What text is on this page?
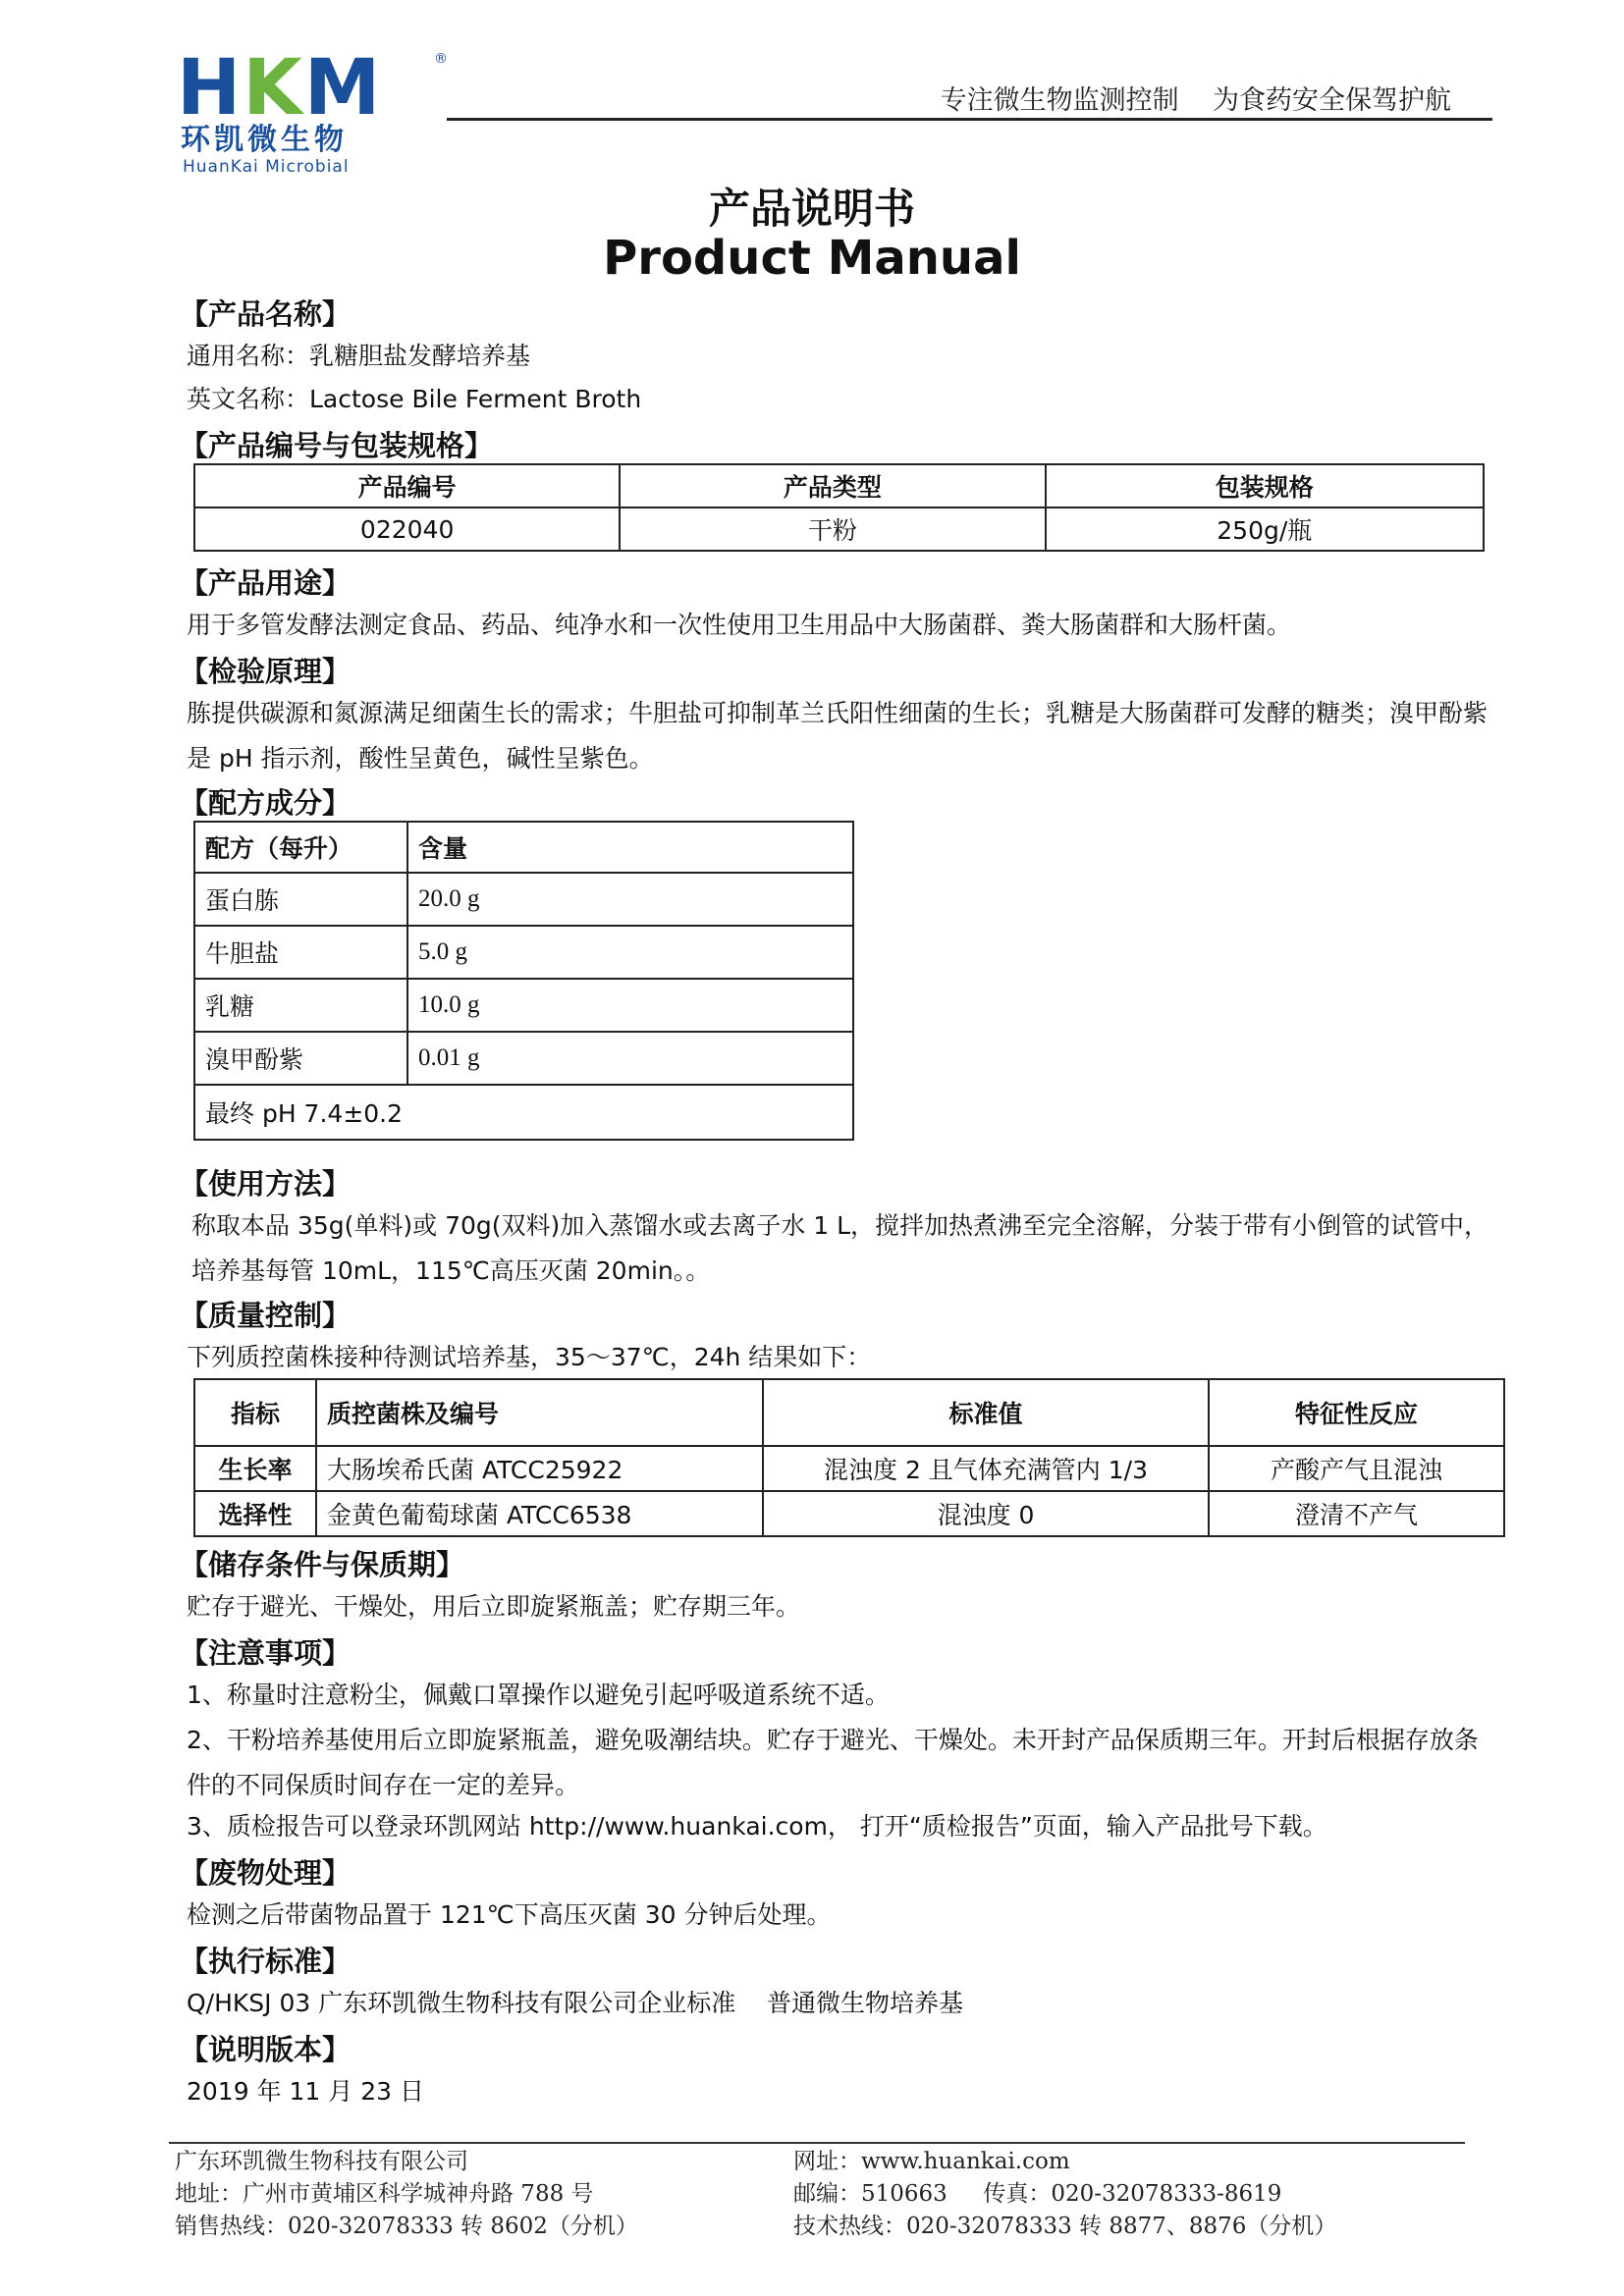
HKM	®
环凯微生物
HuanKai Microbial
专注微生物监测控制    为食药安全保驾护航
产品说明书
Product Manual
【产品名称】
通用名称：乳糖胆盐发酵培养基
英文名称：Lactose Bile Ferment Broth
【产品编号与包装规格】
产品编号	产品类型	包装规格
022040	干粉	250g/瓶
【产品用途】
用于多管发酵法测定食品、药品、纯净水和一次性使用卫生用品中大肠菌群、粪大肠菌群和大肠杆菌。
【检验原理】
胨提供碳源和氮源满足细菌生长的需求；牛胆盐可抑制革兰氏阳性细菌的生长；乳糖是大肠菌群可发酵的糖类；溴甲酚紫是 pH 指示剂，酸性呈黄色，碱性呈紫色。
【配方成分】
配方（每升）	含量
蛋白胨	20.0 g
牛胆盐	5.0 g
乳糖	10.0 g
溴甲酚紫	0.01 g
最终 pH 7.4±0.2	
【使用方法】
称取本品 35g(单料)或 70g(双料)加入蒸馏水或去离子水 1 L，搅拌加热煮沸至完全溶解，分装于带有小倒管的试管中，培养基每管 10mL，115℃高压灭菌 20min。。
【质量控制】
下列质控菌株接种待测试培养基，35～37℃，24h 结果如下：
指标	质控菌株及编号	标准值	特征性反应
生长率	大肠埃希氏菌 ATCC25922	混浊度 2 且气体充满管内 1/3	产酸产气且混浊
选择性	金黄色葡萄球菌 ATCC6538	混浊度 0	澄清不产气
【储存条件与保质期】
贮存于避光、干燥处，用后立即旋紧瓶盖；贮存期三年。
【注意事项】
1、称量时注意粉尘，佩戴口罩操作以避免引起呼吸道系统不适。
2、干粉培养基使用后立即旋紧瓶盖，避免吸潮结块。贮存于避光、干燥处。未开封产品保质期三年。开封后根据存放条件的不同保质时间存在一定的差异。
3、质检报告可以登录环凯网站 http://www.huankai.com， 打开“质检报告”页面，输入产品批号下载。
【废物处理】
检测之后带菌物品置于 121℃下高压灭菌 30 分钟后处理。
【执行标准】
Q/HKSJ 03 广东环凯微生物科技有限公司企业标准    普通微生物培养基
【说明版本】
2019 年 11 月 23 日
广东环凯微生物科技有限公司
地址：广州市黄埔区科学城神舟路 788 号
销售热线：020-32078333 转 8602（分机）
网址：www.huankai.com
邮编：510663     传真：020-32078333-8619
技术热线：020-32078333 转 8877、8876（分机）
